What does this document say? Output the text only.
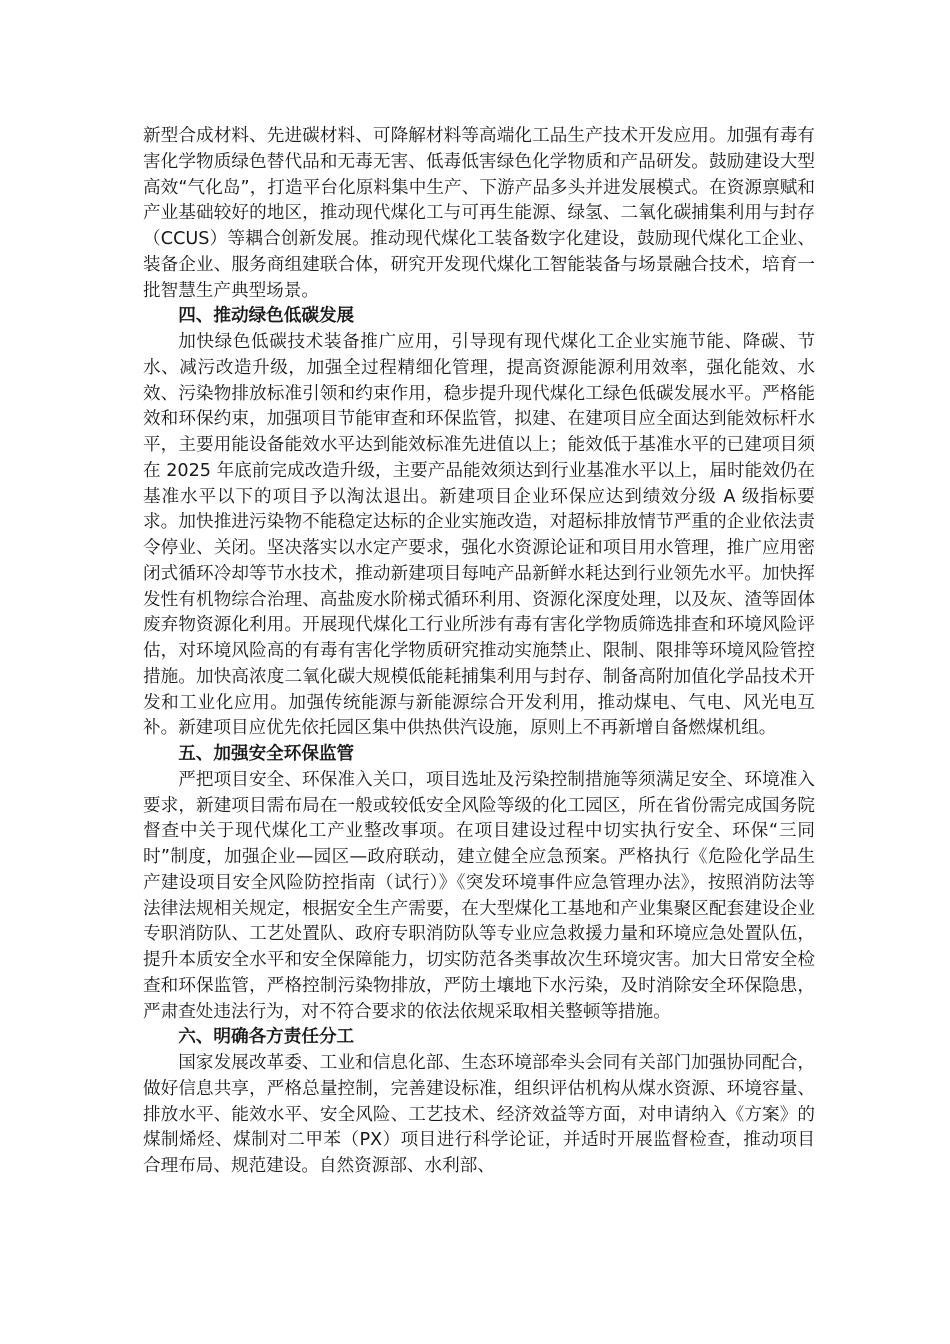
新型合成材料、先进碳材料、可降解材料等高端化工品生产技术开发应用。加强有毒有害化学物质绿色替代品和无毒无害、低毒低害绿色化学物质和产品研发。鼓励建设大型高效“气化岛”，打造平台化原料集中生产、下游产品多头并进发展模式。在资源禀赋和产业基础较好的地区，推动现代煤化工与可再生能源、绿氢、二氧化碳捕集利用与封存（CCUS）等耦合创新发展。推动现代煤化工装备数字化建设，鼓励现代煤化工企业、装备企业、服务商组建联合体，研究开发现代煤化工智能装备与场景融合技术，培育一批智慧生产典型场景。

四、推动绿色低碳发展

加快绿色低碳技术装备推广应用，引导现有现代煤化工企业实施节能、降碳、节水、减污改造升级，加强全过程精细化管理，提高资源能源利用效率，强化能效、水效、污染物排放标准引领和约束作用，稳步提升现代煤化工绿色低碳发展水平。严格能效和环保约束，加强项目节能审查和环保监管，拟建、在建项目应全面达到能效标杆水平，主要用能设备能效水平达到能效标准先进值以上；能效低于基准水平的已建项目须在 2025 年底前完成改造升级，主要产品能效须达到行业基准水平以上，届时能效仍在基准水平以下的项目予以淘汰退出。新建项目企业环保应达到绩效分级 A 级指标要求。加快推进污染物不能稳定达标的企业实施改造，对超标排放情节严重的企业依法责令停业、关闭。坚决落实以水定产要求，强化水资源论证和项目用水管理，推广应用密闭式循环冷却等节水技术，推动新建项目每吨产品新鲜水耗达到行业领先水平。加快挥发性有机物综合治理、高盐废水阶梯式循环利用、资源化深度处理，以及灰、渣等固体废弃物资源化利用。开展现代煤化工行业所涉有毒有害化学物质筛选排查和环境风险评估，对环境风险高的有毒有害化学物质研究推动实施禁止、限制、限排等环境风险管控措施。加快高浓度二氧化碳大规模低能耗捕集利用与封存、制备高附加值化学品技术开发和工业化应用。加强传统能源与新能源综合开发利用，推动煤电、气电、风光电互补。新建项目应优先依托园区集中供热供汽设施，原则上不再新增自备燃煤机组。

五、加强安全环保监管

严把项目安全、环保准入关口，项目选址及污染控制措施等须满足安全、环境准入要求，新建项目需布局在一般或较低安全风险等级的化工园区，所在省份需完成国务院督查中关于现代煤化工产业整改事项。在项目建设过程中切实执行安全、环保“三同时”制度，加强企业—园区—政府联动，建立健全应急预案。严格执行《危险化学品生产建设项目安全风险防控指南（试行）》《突发环境事件应急管理办法》，按照消防法等法律法规相关规定，根据安全生产需要，在大型煤化工基地和产业集聚区配套建设企业专职消防队、工艺处置队、政府专职消防队等专业应急救援力量和环境应急处置队伍，提升本质安全水平和安全保障能力，切实防范各类事故次生环境灾害。加大日常安全检查和环保监管，严格控制污染物排放，严防土壤地下水污染，及时消除安全环保隐患，严肃查处违法行为，对不符合要求的依法依规采取相关整顿等措施。

六、明确各方责任分工

国家发展改革委、工业和信息化部、生态环境部牵头会同有关部门加强协同配合，做好信息共享，严格总量控制，完善建设标准，组织评估机构从煤水资源、环境容量、排放水平、能效水平、安全风险、工艺技术、经济效益等方面，对申请纳入《方案》的煤制烯烃、煤制对二甲苯（PX）项目进行科学论证，并适时开展监督检查，推动项目合理布局、规范建设。自然资源部、水利部、
